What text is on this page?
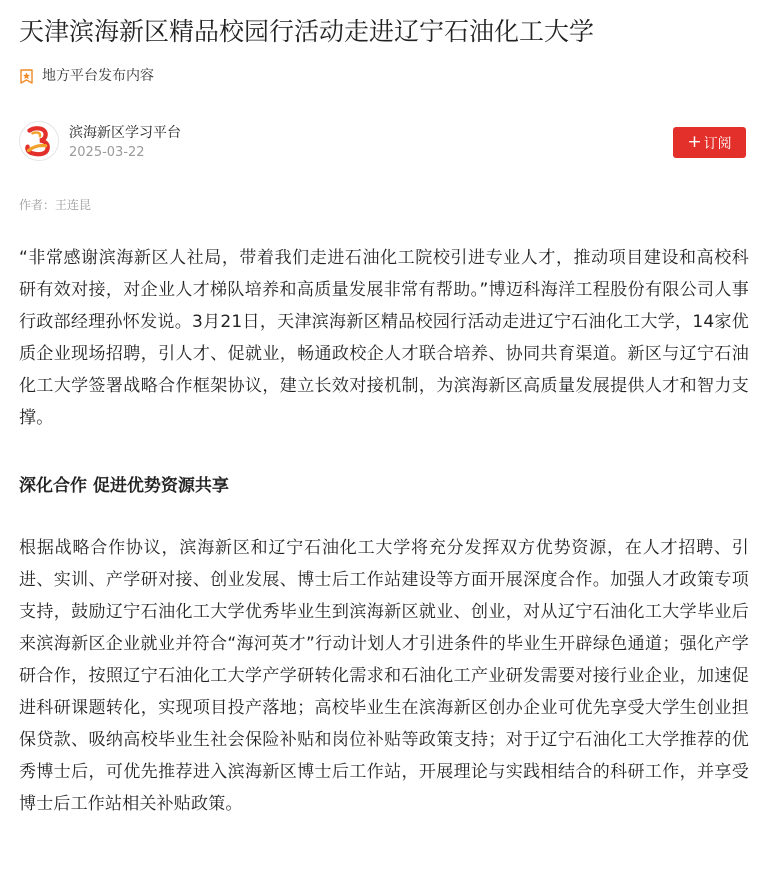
天津滨海新区精品校园行活动走进辽宁石油化工大学
地方平台发布内容
滨海新区学习平台
2025-03-22
+ 订阅
作者：王连昆

“非常感谢滨海新区人社局，带着我们走进石油化工院校引进专业人才，推动项目建设和高校科研有效对接，对企业人才梯队培养和高质量发展非常有帮助。”博迈科海洋工程股份有限公司人事行政部经理孙怀发说。3月21日，天津滨海新区精品校园行活动走进辽宁石油化工大学，14家优质企业现场招聘，引人才、促就业，畅通政校企人才联合培养、协同共育渠道。新区与辽宁石油化工大学签署战略合作框架协议，建立长效对接机制，为滨海新区高质量发展提供人才和智力支撑。

深化合作 促进优势资源共享

根据战略合作协议，滨海新区和辽宁石油化工大学将充分发挥双方优势资源，在人才招聘、引进、实训、产学研对接、创业发展、博士后工作站建设等方面开展深度合作。加强人才政策专项支持，鼓励辽宁石油化工大学优秀毕业生到滨海新区就业、创业，对从辽宁石油化工大学毕业后来滨海新区企业就业并符合“海河英才”行动计划人才引进条件的毕业生开辟绿色通道；强化产学研合作，按照辽宁石油化工大学产学研转化需求和石油化工产业研发需要对接行业企业，加速促进科研课题转化，实现项目投产落地；高校毕业生在滨海新区创办企业可优先享受大学生创业担保贷款、吸纳高校毕业生社会保险补贴和岗位补贴等政策支持；对于辽宁石油化工大学推荐的优秀博士后，可优先推荐进入滨海新区博士后工作站，开展理论与实践相结合的科研工作，并享受博士后工作站相关补贴政策。
